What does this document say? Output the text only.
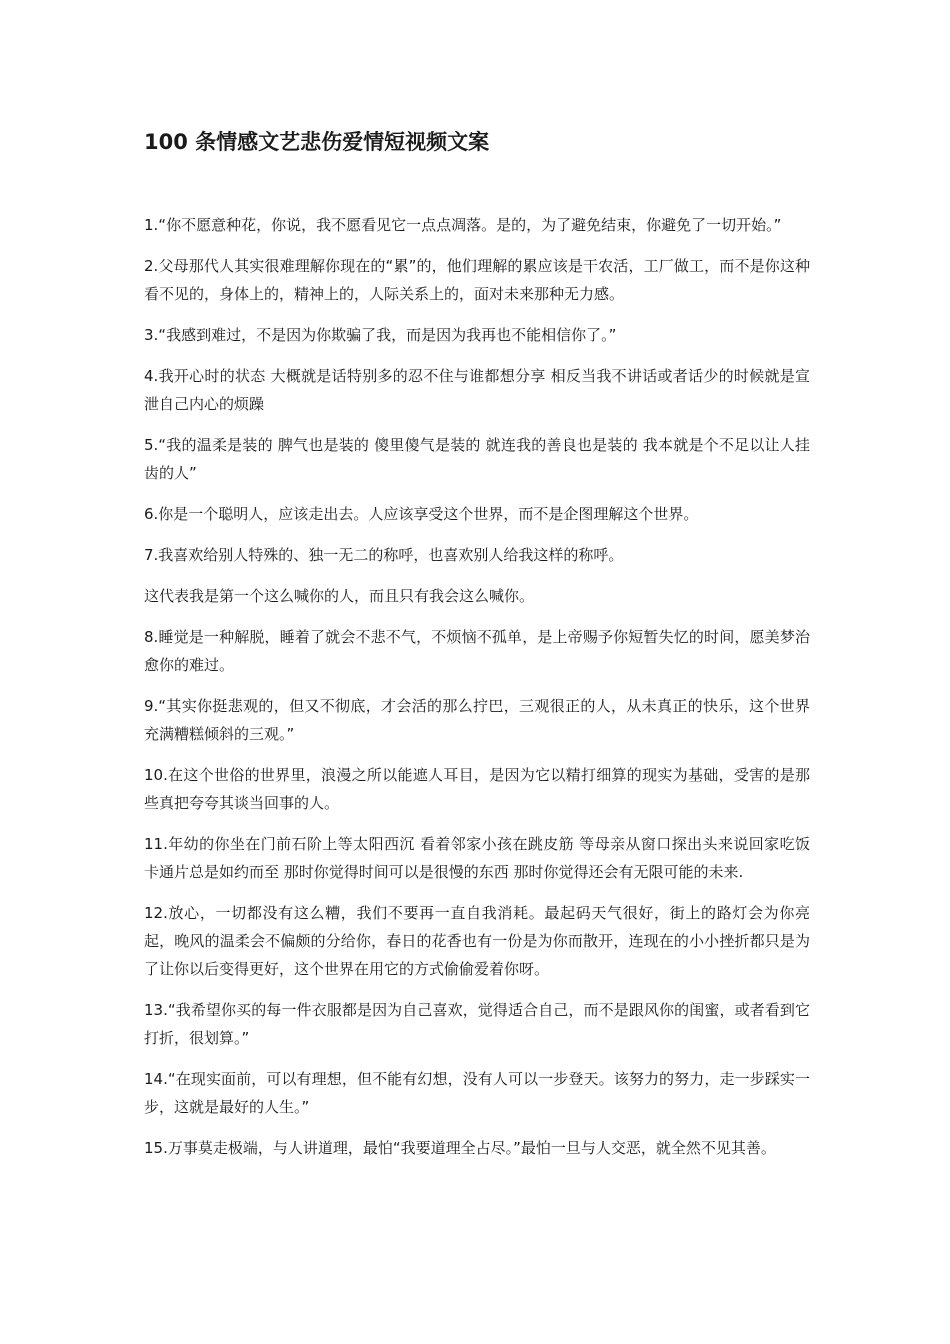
100 条情感文艺悲伤爱情短视频文案

1.“你不愿意种花，你说，我不愿看见它一点点凋落。是的，为了避免结束，你避免了一切开始。”

2.父母那代人其实很难理解你现在的“累”的，他们理解的累应该是干农活，工厂做工，而不是你这种看不见的，身体上的，精神上的，人际关系上的，面对未来那种无力感。

3.“我感到难过，不是因为你欺骗了我，而是因为我再也不能相信你了。”

4.我开心时的状态 大概就是话特别多的忍不住与谁都想分享 相反当我不讲话或者话少的时候就是宣泄自己内心的烦躁

5.“我的温柔是装的 脾气也是装的 傻里傻气是装的 就连我的善良也是装的 我本就是个不足以让人挂齿的人”

6.你是一个聪明人，应该走出去。人应该享受这个世界，而不是企图理解这个世界。

7.我喜欢给别人特殊的、独一无二的称呼，也喜欢别人给我这样的称呼。

这代表我是第一个这么喊你的人，而且只有我会这么喊你。

8.睡觉是一种解脱，睡着了就会不悲不气，不烦恼不孤单，是上帝赐予你短暂失忆的时间，愿美梦治愈你的难过。

9.“其实你挺悲观的，但又不彻底，才会活的那么拧巴，三观很正的人，从未真正的快乐，这个世界充满糟糕倾斜的三观。”

10.在这个世俗的世界里，浪漫之所以能遮人耳目，是因为它以精打细算的现实为基础，受害的是那些真把夸夸其谈当回事的人。

11.年幼的你坐在门前石阶上等太阳西沉 看着邻家小孩在跳皮筋 等母亲从窗口探出头来说回家吃饭 卡通片总是如约而至 那时你觉得时间可以是很慢的东西 那时你觉得还会有无限可能的未来.

12.放心，一切都没有这么糟，我们不要再一直自我消耗。最起码天气很好，街上的路灯会为你亮起，晚风的温柔会不偏颇的分给你，春日的花香也有一份是为你而散开，连现在的小小挫折都只是为了让你以后变得更好，这个世界在用它的方式偷偷爱着你呀。

13.“我希望你买的每一件衣服都是因为自己喜欢，觉得适合自己，而不是跟风你的闺蜜，或者看到它打折，很划算。”

14.“在现实面前，可以有理想，但不能有幻想，没有人可以一步登天。该努力的努力，走一步踩实一步，这就是最好的人生。”

15.万事莫走极端，与人讲道理，最怕“我要道理全占尽。”最怕一旦与人交恶，就全然不见其善。
